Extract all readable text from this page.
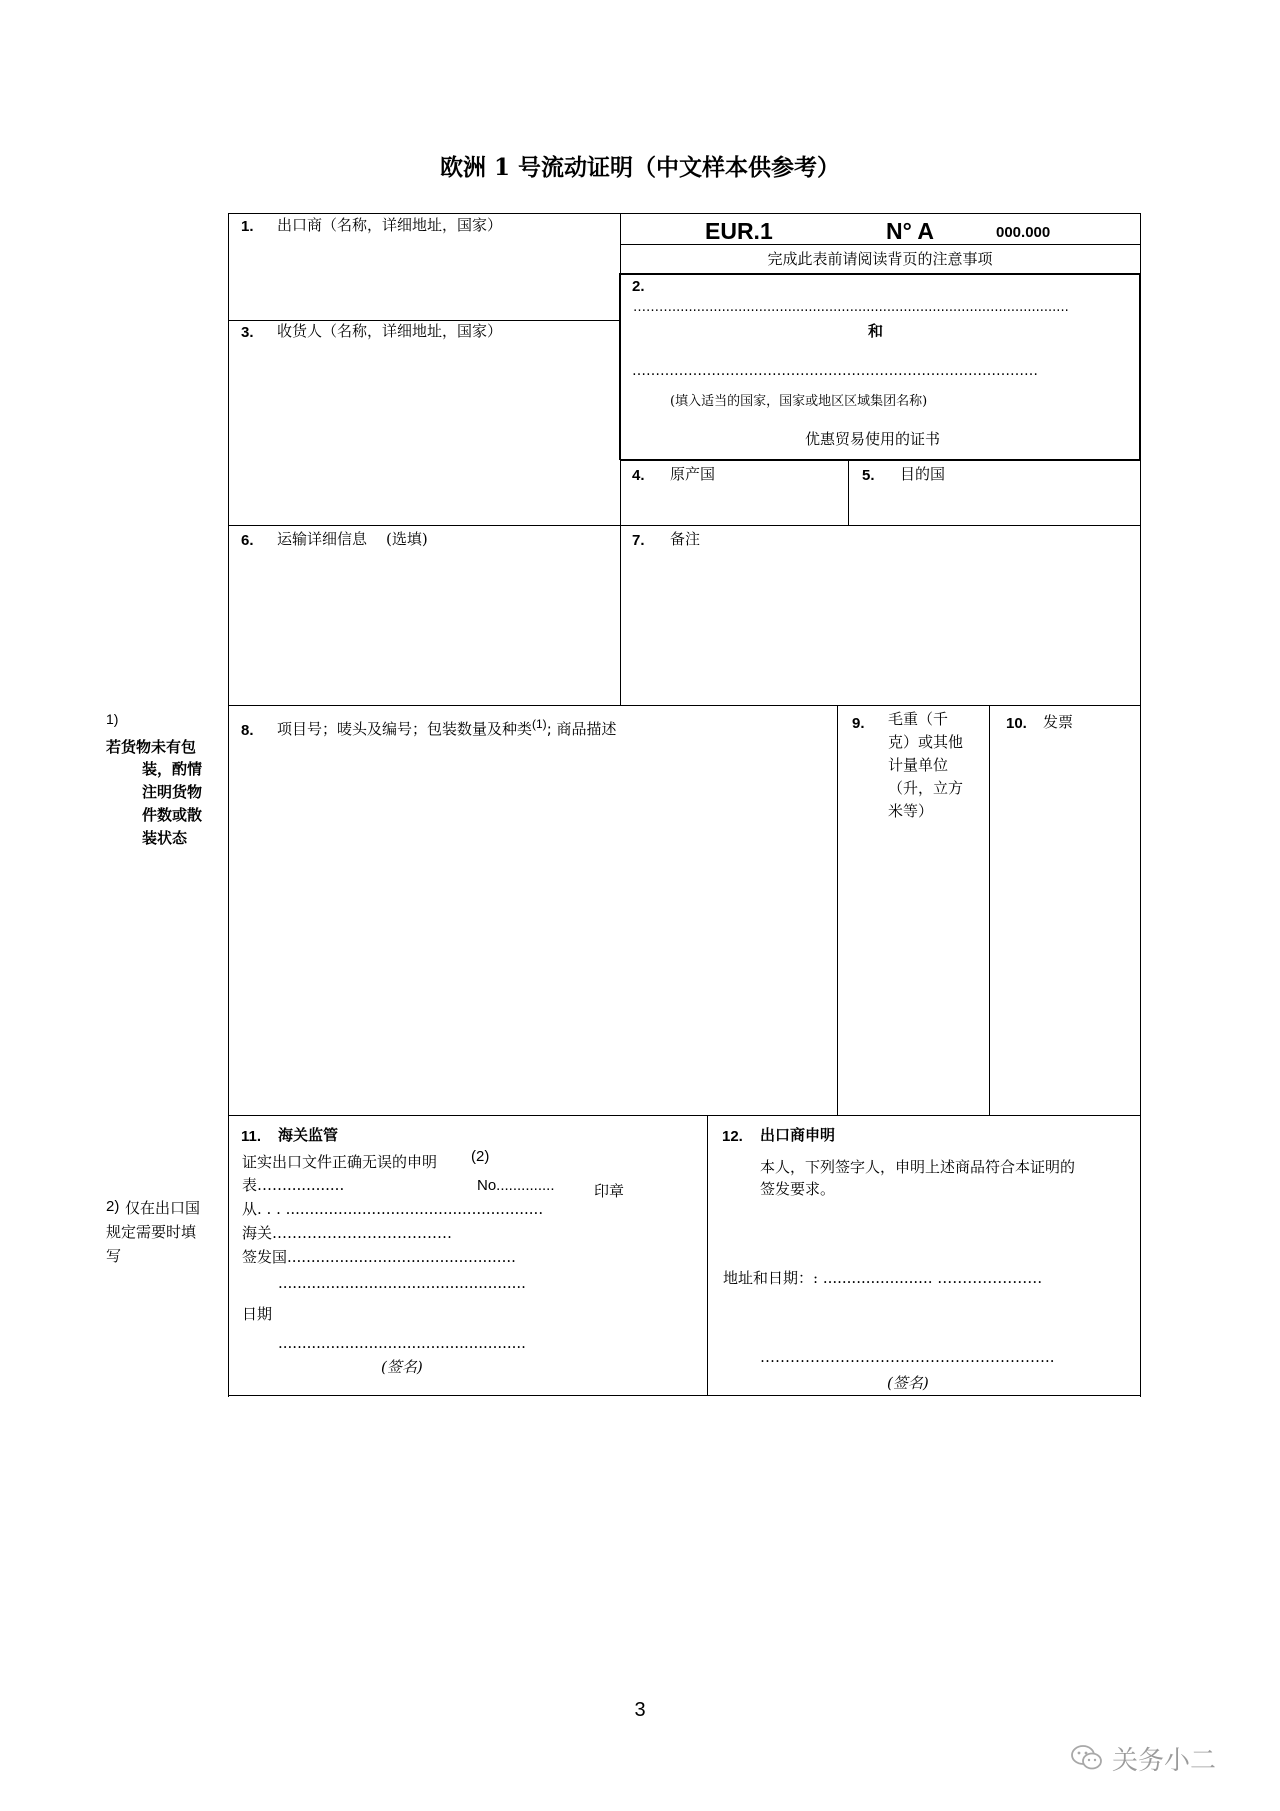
欧洲 1 号流动证明（中文样本供参考）
EUR.1	N° A	000.000
完成此表前请阅读背页的注意事项
1. 出口商 （名称，详细地址，国家）
2.
………................................................................................................
和
……………………………………………………………………………
(填入适当的国家，国家或地区区域集团名称)
优惠贸易使用的证书
3. 收货人 （名称，详细地址，国家）
4. 原产国	5. 目的国
6. 运输详细信息 (选填)	7. 备注
8. 项目号；唛头及编号；包装数量及种类$^{(1)}$; 商品描述	9. 毛重（千
克）或其他
计量单位
（升，立方
米等）
10. 发票
11. 海关监管
证实出口文件正确无误的申明 (2)
表……............	No..............	印章
从. . . ......................................................
海关………………………………
签发国................................................
....................................................
日期
....................................................
(签名)
12. 出口商申明
本人，下列签字人，申明上述商品符合本证明的
签发要求。
地址和日期：: ....................... …………………
…………………………………………………..
(签名)
1)
若货物未有包
装，酌情
注明货物
件数或散
装状态
2) 仅在出口国
规定需要时填
写
3
关务小二
